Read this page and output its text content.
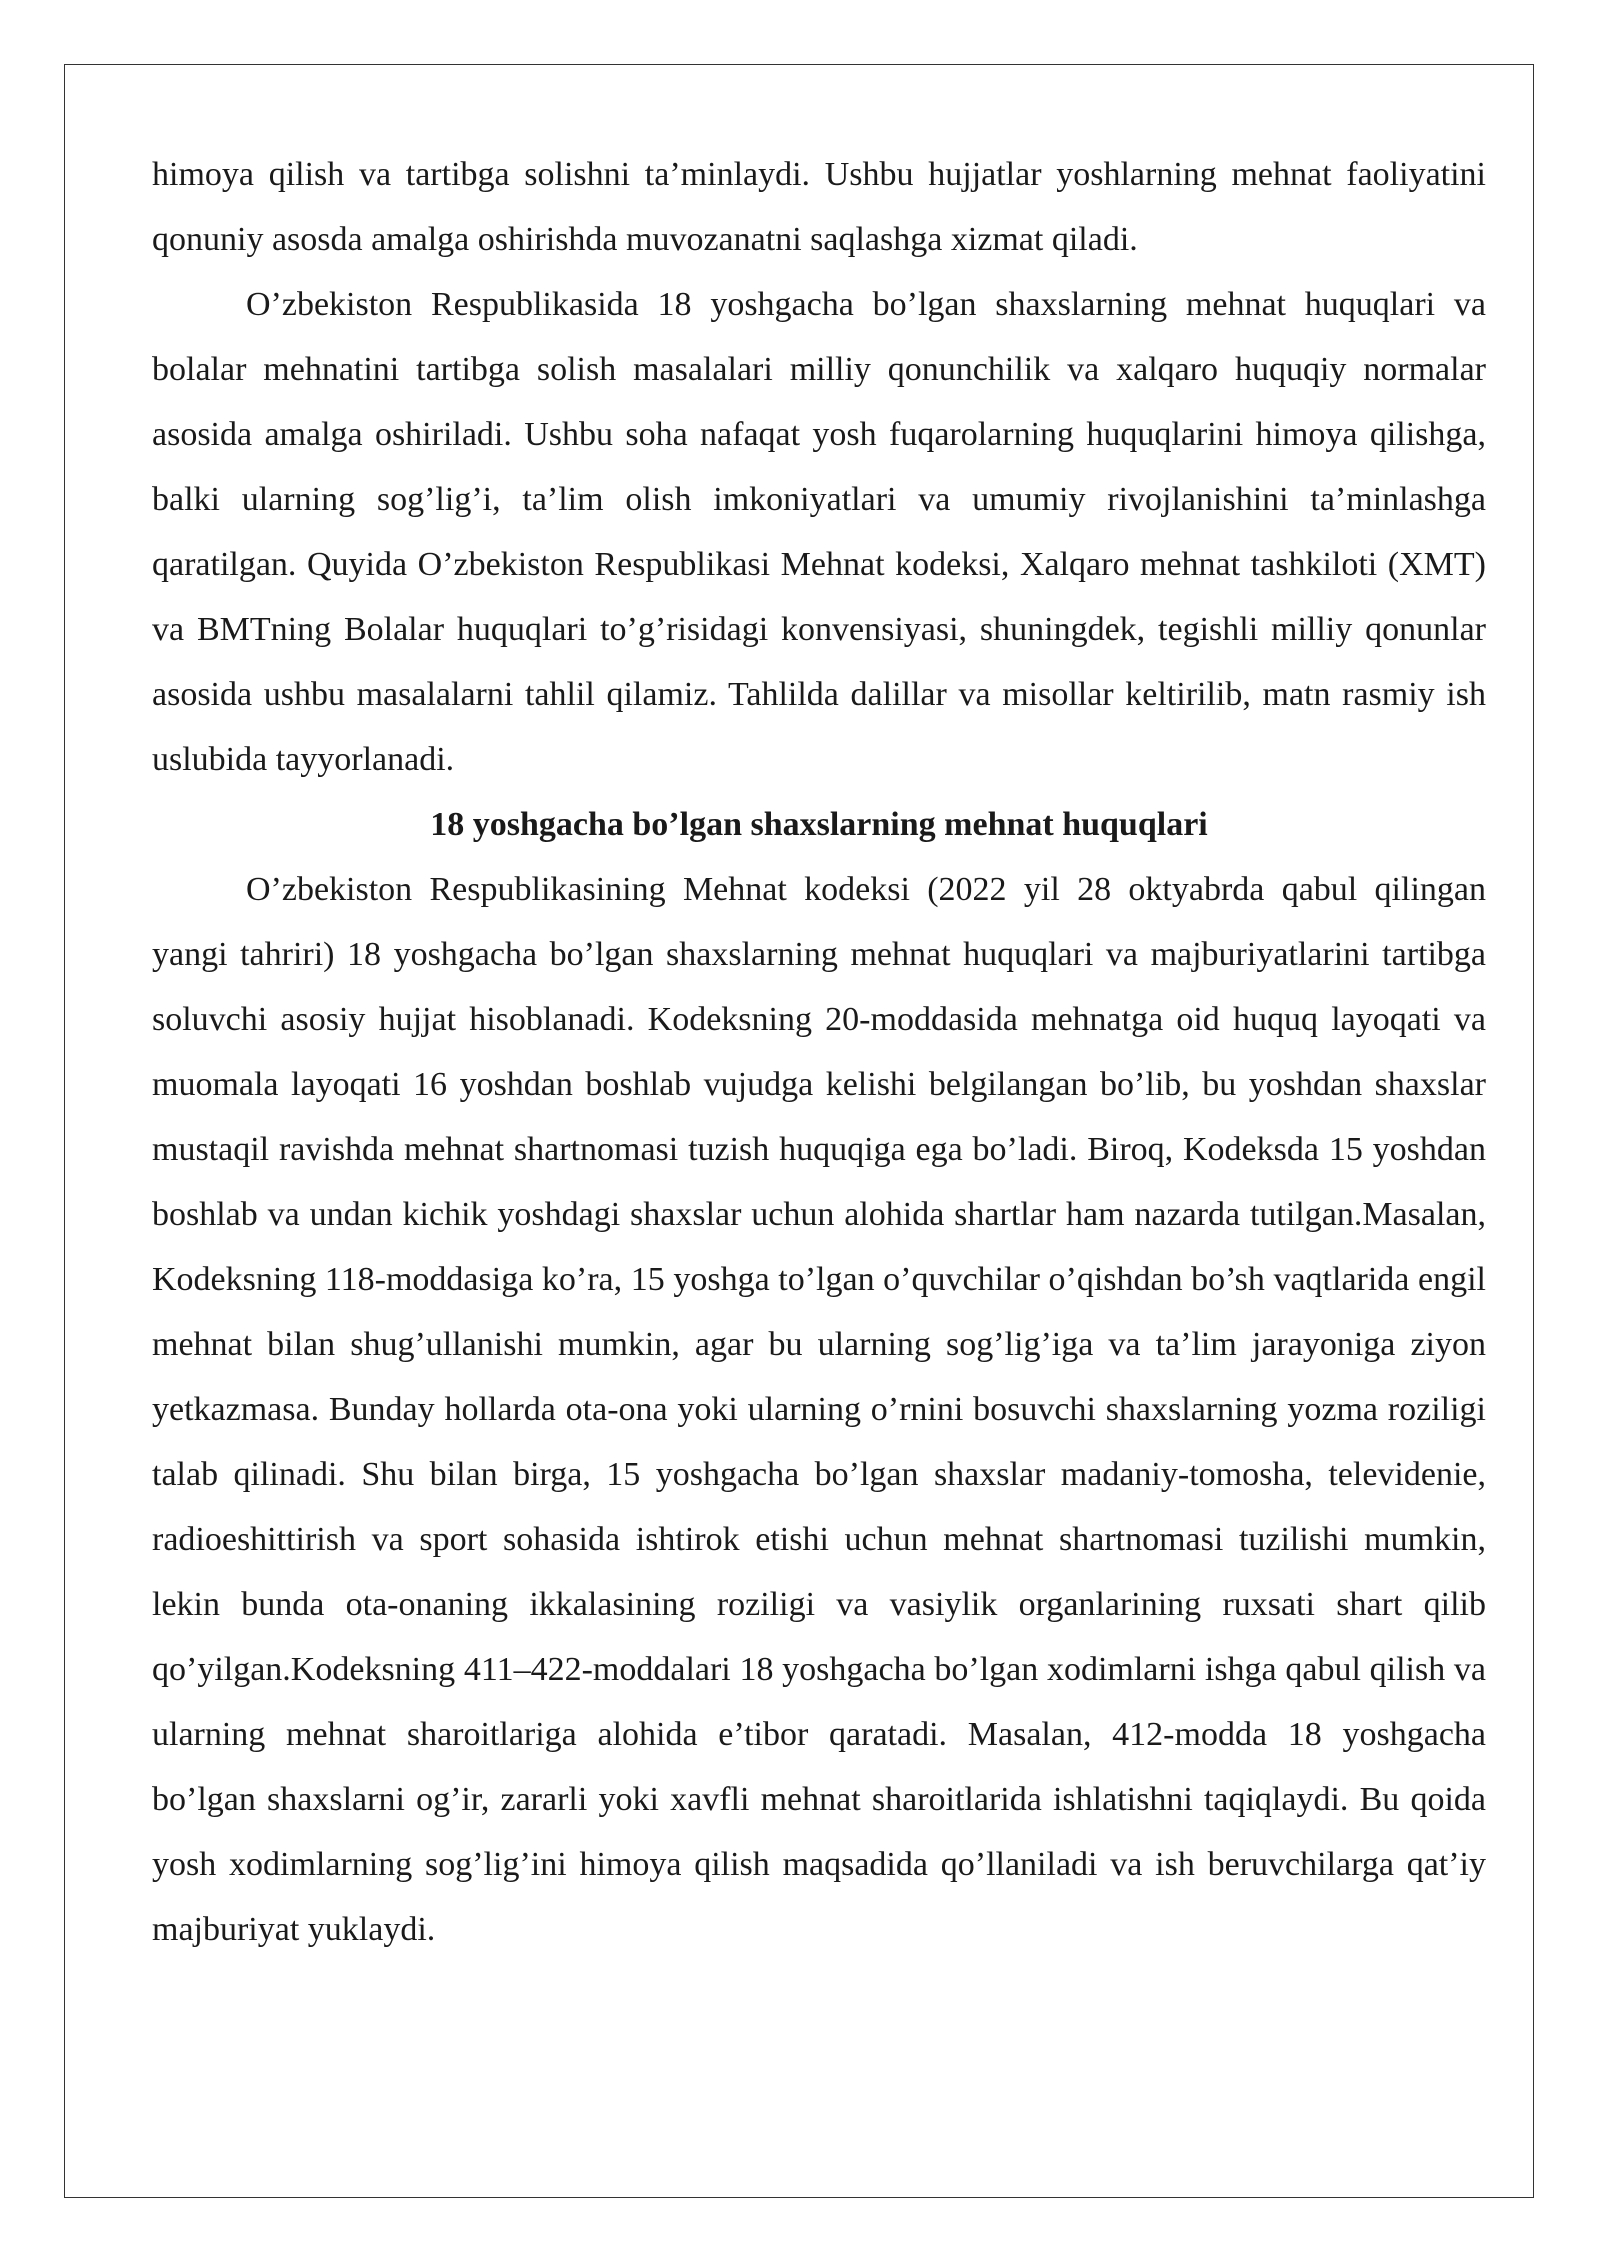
himoya qilish va tartibga solishni ta’minlaydi. Ushbu hujjatlar yoshlarning mehnat faoliyatini qonuniy asosda amalga oshirishda muvozanatni saqlashga xizmat qiladi.

O’zbekiston Respublikasida 18 yoshgacha bo’lgan shaxslarning mehnat huquqlari va bolalar mehnatini tartibga solish masalalari milliy qonunchilik va xalqaro huquqiy normalar asosida amalga oshiriladi. Ushbu soha nafaqat yosh fuqarolarning huquqlarini himoya qilishga, balki ularning sog’lig’i, ta’lim olish imkoniyatlari va umumiy rivojlanishini ta’minlashga qaratilgan. Quyida O’zbekiston Respublikasi Mehnat kodeksi, Xalqaro mehnat tashkiloti (XMT) va BMTning Bolalar huquqlari to’g’risidagi konvensiyasi, shuningdek, tegishli milliy qonunlar asosida ushbu masalalarni tahlil qilamiz. Tahlilda dalillar va misollar keltirilib, matn rasmiy ish uslubida tayyorlanadi.

18 yoshgacha bo’lgan shaxslarning mehnat huquqlari

O’zbekiston Respublikasining Mehnat kodeksi (2022 yil 28 oktyabrda qabul qilingan yangi tahriri) 18 yoshgacha bo’lgan shaxslarning mehnat huquqlari va majburiyatlarini tartibga soluvchi asosiy hujjat hisoblanadi. Kodeksning 20-moddasida mehnatga oid huquq layoqati va muomala layoqati 16 yoshdan boshlab vujudga kelishi belgilangan bo’lib, bu yoshdan shaxslar mustaqil ravishda mehnat shartnomasi tuzish huquqiga ega bo’ladi. Biroq, Kodeksda 15 yoshdan boshlab va undan kichik yoshdagi shaxslar uchun alohida shartlar ham nazarda tutilgan.Masalan, Kodeksning 118-moddasiga ko’ra, 15 yoshga to’lgan o’quvchilar o’qishdan bo’sh vaqtlarida engil mehnat bilan shug’ullanishi mumkin, agar bu ularning sog’lig’iga va ta’lim jarayoniga ziyon yetkazmasa. Bunday hollarda ota-ona yoki ularning o’rnini bosuvchi shaxslarning yozma roziligi talab qilinadi. Shu bilan birga, 15 yoshgacha bo’lgan shaxslar madaniy-tomosha, televidenie, radioeshittirish va sport sohasida ishtirok etishi uchun mehnat shartnomasi tuzilishi mumkin, lekin bunda ota-onaning ikkalasining roziligi va vasiylik organlarining ruxsati shart qilib qo’yilgan.Kodeksning 411–422-moddalari 18 yoshgacha bo’lgan xodimlarni ishga qabul qilish va ularning mehnat sharoitlariga alohida e’tibor qaratadi. Masalan, 412-modda 18 yoshgacha bo’lgan shaxslarni og’ir, zararli yoki xavfli mehnat sharoitlarida ishlatishni taqiqlaydi. Bu qoida yosh xodimlarning sog’lig’ini himoya qilish maqsadida qo’llaniladi va ish beruvchilarga qat’iy majburiyat yuklaydi.
